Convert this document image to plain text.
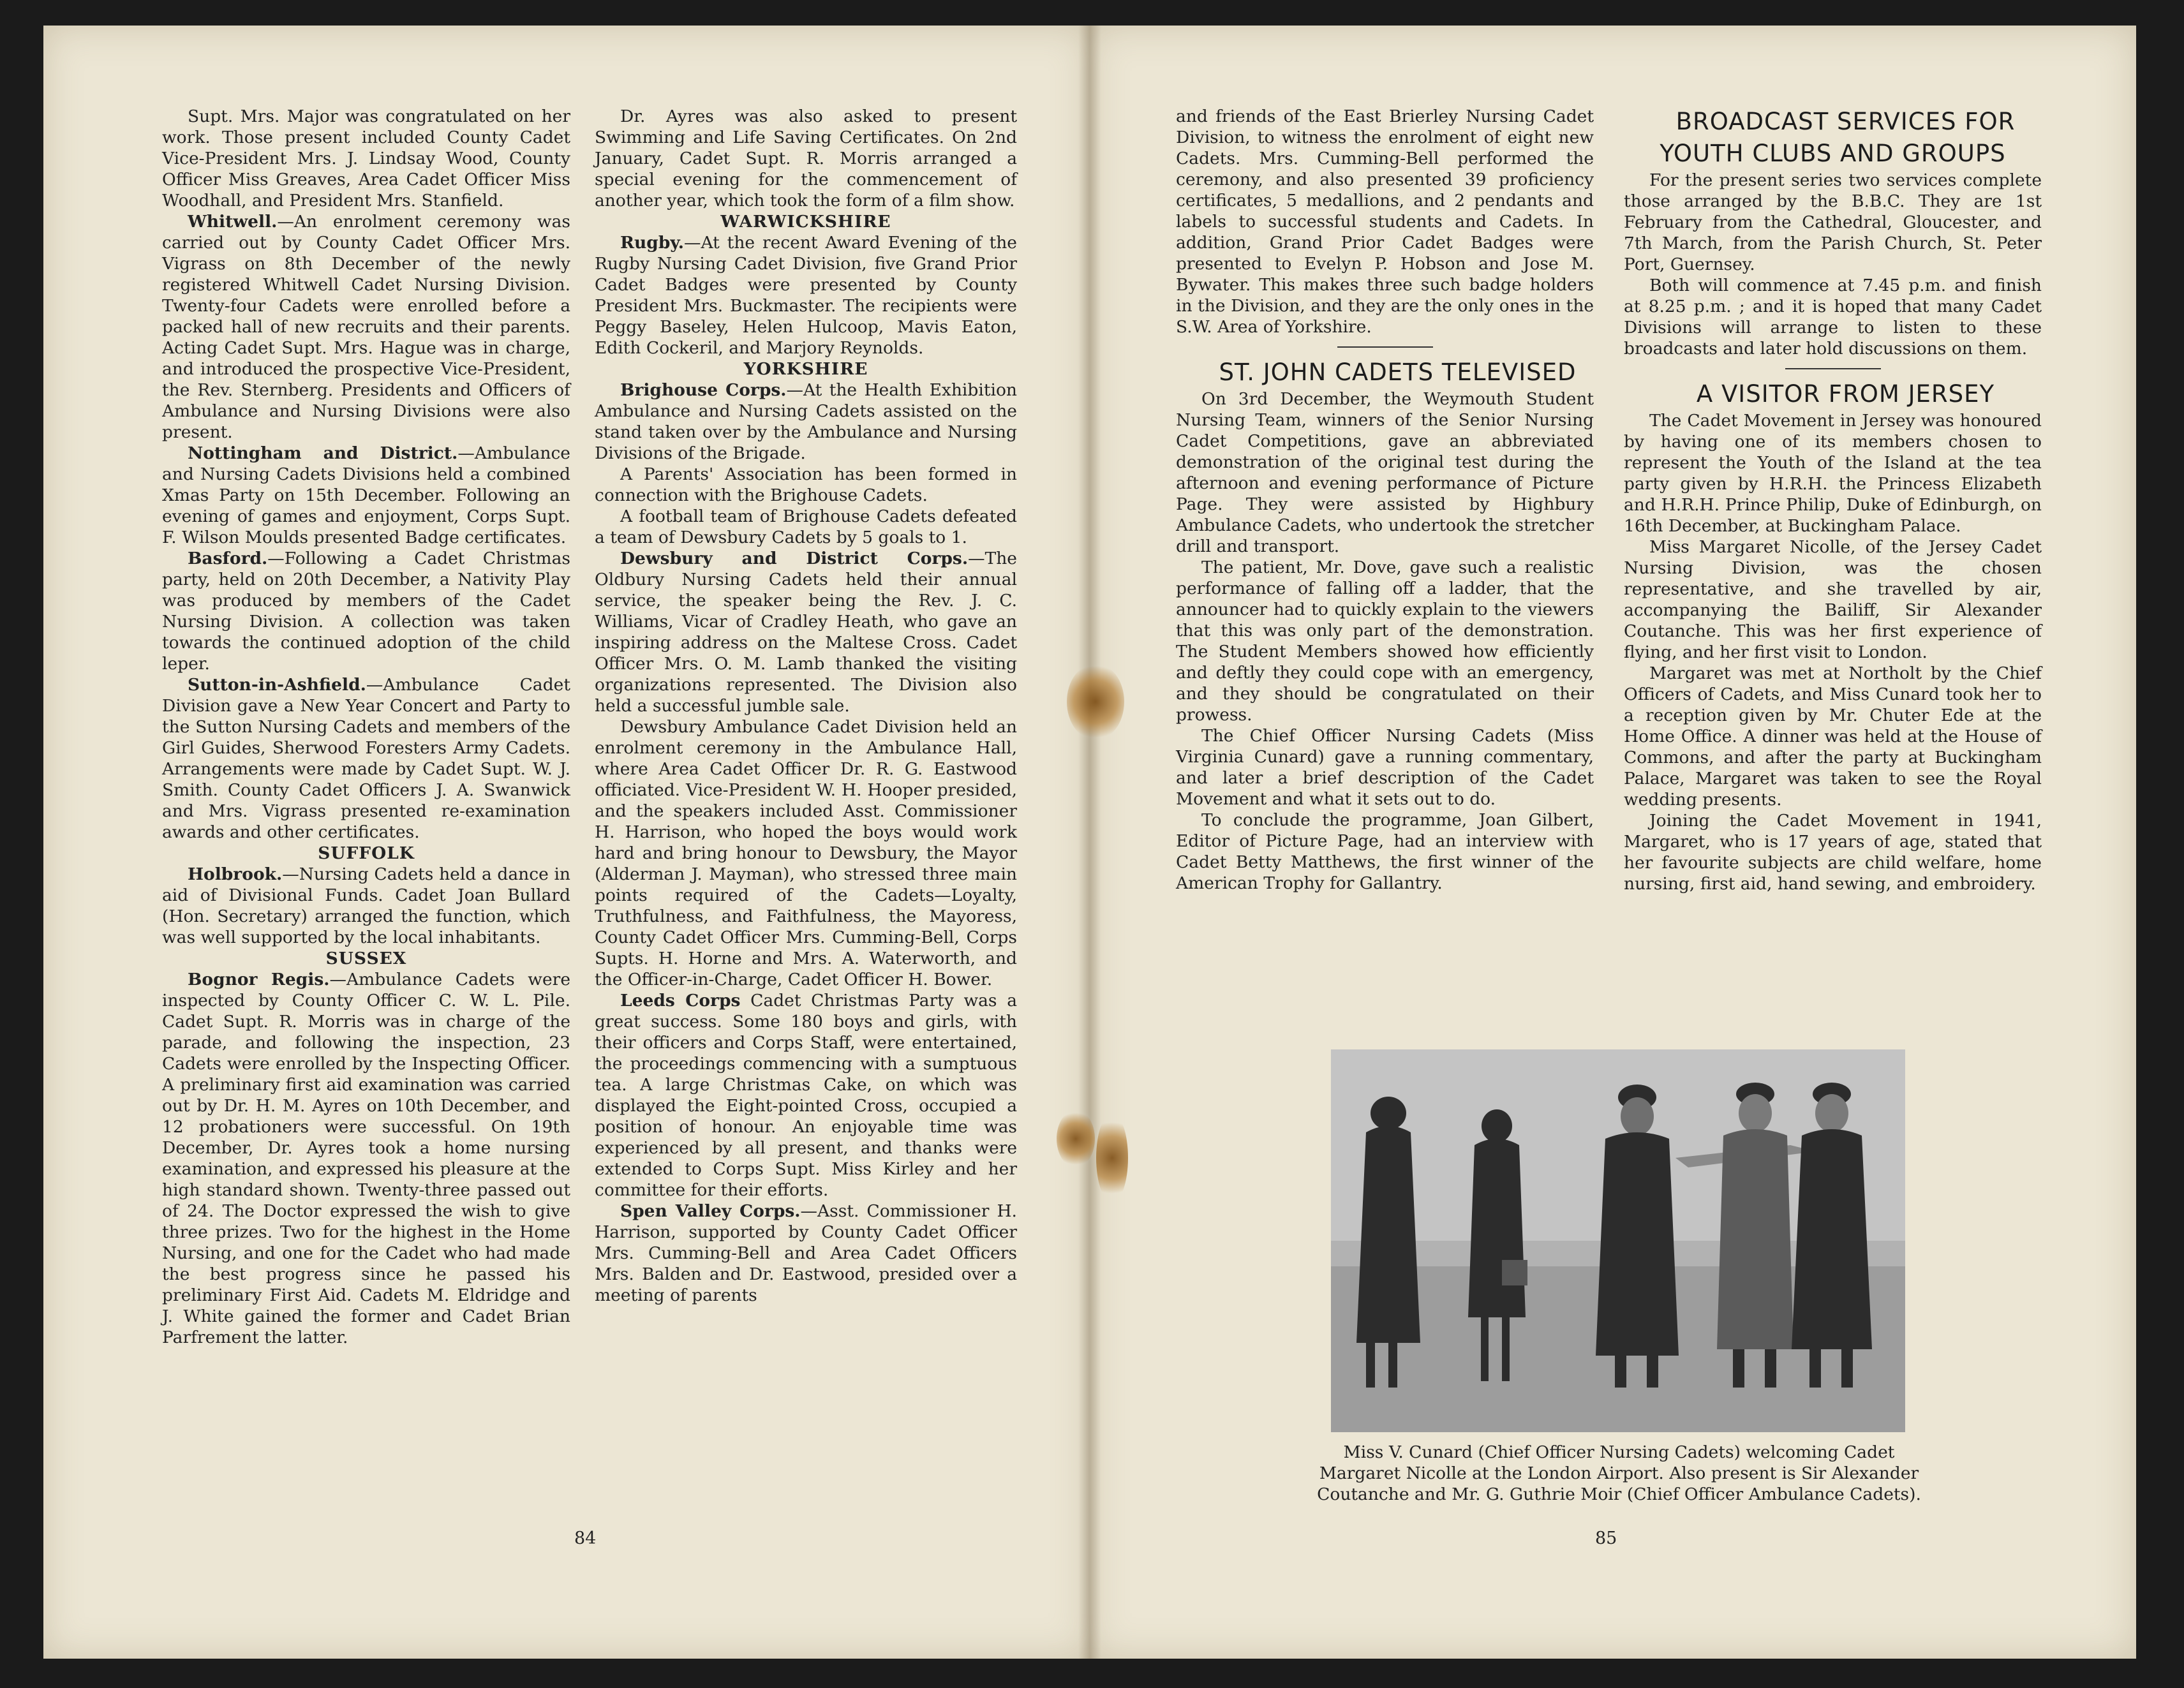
Supt. Mrs. Major was congratulated on her work. Those present included County Cadet Vice-President Mrs. J. Lindsay Wood, County Officer Miss Greaves, Area Cadet Officer Miss Woodhall, and President Mrs. Stanfield.

Whitwell.—An enrolment ceremony was carried out by County Cadet Officer Mrs. Vigrass on 8th December of the newly registered Whitwell Cadet Nursing Division. Twenty-four Cadets were enrolled before a packed hall of new recruits and their parents. Acting Cadet Supt. Mrs. Hague was in charge, and introduced the prospective Vice-President, the Rev. Sternberg. Presidents and Officers of Ambulance and Nursing Divisions were also present.

Nottingham and District.—Ambulance and Nursing Cadets Divisions held a combined Xmas Party on 15th December. Following an evening of games and enjoyment, Corps Supt. F. Wilson Moulds presented Badge certificates.

Basford.—Following a Cadet Christmas party, held on 20th December, a Nativity Play was produced by members of the Cadet Nursing Division. A collection was taken towards the continued adoption of the child leper.

Sutton-in-Ashfield.—Ambulance Cadet Division gave a New Year Concert and Party to the Sutton Nursing Cadets and members of the Girl Guides, Sherwood Foresters Army Cadets. Arrangements were made by Cadet Supt. W. J. Smith. County Cadet Officers J. A. Swanwick and Mrs. Vigrass presented re-examination awards and other certificates.

SUFFOLK

Holbrook.—Nursing Cadets held a dance in aid of Divisional Funds. Cadet Joan Bullard (Hon. Secretary) arranged the function, which was well supported by the local inhabitants.

SUSSEX

Bognor Regis.—Ambulance Cadets were inspected by County Officer C. W. L. Pile. Cadet Supt. R. Morris was in charge of the parade, and following the inspection, 23 Cadets were enrolled by the Inspecting Officer. A preliminary first aid examination was carried out by Dr. H. M. Ayres on 10th December, and 12 probationers were successful. On 19th December, Dr. Ayres took a home nursing examination, and expressed his pleasure at the high standard shown. Twenty-three passed out of 24. The Doctor expressed the wish to give three prizes. Two for the highest in the Home Nursing, and one for the Cadet who had made the best progress since he passed his preliminary First Aid. Cadets M. Eldridge and J. White gained the former and Cadet Brian Parfrement the latter.

Dr. Ayres was also asked to present Swimming and Life Saving Certificates. On 2nd January, Cadet Supt. R. Morris arranged a special evening for the commencement of another year, which took the form of a film show.

WARWICKSHIRE

Rugby.—At the recent Award Evening of the Rugby Nursing Cadet Division, five Grand Prior Cadet Badges were presented by County President Mrs. Buckmaster. The recipients were Peggy Baseley, Helen Hulcoop, Mavis Eaton, Edith Cockeril, and Marjory Reynolds.

YORKSHIRE

Brighouse Corps.—At the Health Exhibition Ambulance and Nursing Cadets assisted on the stand taken over by the Ambulance and Nursing Divisions of the Brigade.

A Parents' Association has been formed in connection with the Brighouse Cadets.

A football team of Brighouse Cadets defeated a team of Dewsbury Cadets by 5 goals to 1.

Dewsbury and District Corps.—The Oldbury Nursing Cadets held their annual service, the speaker being the Rev. J. C. Williams, Vicar of Cradley Heath, who gave an inspiring address on the Maltese Cross. Cadet Officer Mrs. O. M. Lamb thanked the visiting organizations represented. The Division also held a successful jumble sale.

Dewsbury Ambulance Cadet Division held an enrolment ceremony in the Ambulance Hall, where Area Cadet Officer Dr. R. G. Eastwood officiated. Vice-President W. H. Hooper presided, and the speakers included Asst. Commissioner H. Harrison, who hoped the boys would work hard and bring honour to Dewsbury, the Mayor (Alderman J. Mayman), who stressed three main points required of the Cadets—Loyalty, Truthfulness, and Faithfulness, the Mayoress, County Cadet Officer Mrs. Cumming-Bell, Corps Supts. H. Horne and Mrs. A. Waterworth, and the Officer-in-Charge, Cadet Officer H. Bower.

Leeds Corps Cadet Christmas Party was a great success. Some 180 boys and girls, with their officers and Corps Staff, were entertained, the proceedings commencing with a sumptuous tea. A large Christmas Cake, on which was displayed the Eight-pointed Cross, occupied a position of honour. An enjoyable time was experienced by all present, and thanks were extended to Corps Supt. Miss Kirley and her committee for their efforts.

Spen Valley Corps.—Asst. Commissioner H. Harrison, supported by County Cadet Officer Mrs. Cumming-Bell and Area Cadet Officers Mrs. Balden and Dr. Eastwood, presided over a meeting of parents

84

and friends of the East Brierley Nursing Cadet Division, to witness the enrolment of eight new Cadets. Mrs. Cumming-Bell performed the ceremony, and also presented 39 proficiency certificates, 5 medallions, and 2 pendants and labels to successful students and Cadets. In addition, Grand Prior Cadet Badges were presented to Evelyn P. Hobson and Jose M. Bywater. This makes three such badge holders in the Division, and they are the only ones in the S.W. Area of Yorkshire.

ST. JOHN CADETS TELEVISED

On 3rd December, the Weymouth Student Nursing Team, winners of the Senior Nursing Cadet Competitions, gave an abbreviated demonstration of the original test during the afternoon and evening performance of Picture Page. They were assisted by Highbury Ambulance Cadets, who undertook the stretcher drill and transport.

The patient, Mr. Dove, gave such a realistic performance of falling off a ladder, that the announcer had to quickly explain to the viewers that this was only part of the demonstration. The Student Members showed how efficiently and deftly they could cope with an emergency, and they should be congratulated on their prowess.

The Chief Officer Nursing Cadets (Miss Virginia Cunard) gave a running commentary, and later a brief description of the Cadet Movement and what it sets out to do.

To conclude the programme, Joan Gilbert, Editor of Picture Page, had an interview with Cadet Betty Matthews, the first winner of the American Trophy for Gallantry.

BROADCAST SERVICES FOR YOUTH CLUBS AND GROUPS

For the present series two services complete those arranged by the B.B.C. They are 1st February from the Cathedral, Gloucester, and 7th March, from the Parish Church, St. Peter Port, Guernsey.

Both will commence at 7.45 p.m. and finish at 8.25 p.m. ; and it is hoped that many Cadet Divisions will arrange to listen to these broadcasts and later hold discussions on them.

A VISITOR FROM JERSEY

The Cadet Movement in Jersey was honoured by having one of its members chosen to represent the Youth of the Island at the tea party given by H.R.H. the Princess Elizabeth and H.R.H. Prince Philip, Duke of Edinburgh, on 16th December, at Buckingham Palace.

Miss Margaret Nicolle, of the Jersey Cadet Nursing Division, was the chosen representative, and she travelled by air, accompanying the Bailiff, Sir Alexander Coutanche. This was her first experience of flying, and her first visit to London.

Margaret was met at Northolt by the Chief Officers of Cadets, and Miss Cunard took her to a reception given by Mr. Chuter Ede at the Home Office. A dinner was held at the House of Commons, and after the party at Buckingham Palace, Margaret was taken to see the Royal wedding presents.

Joining the Cadet Movement in 1941, Margaret, who is 17 years of age, stated that her favourite subjects are child welfare, home nursing, first aid, hand sewing, and embroidery.

Miss V. Cunard (Chief Officer Nursing Cadets) welcoming Cadet Margaret Nicolle at the London Airport. Also present is Sir Alexander Coutanche and Mr. G. Guthrie Moir (Chief Officer Ambulance Cadets).
85
